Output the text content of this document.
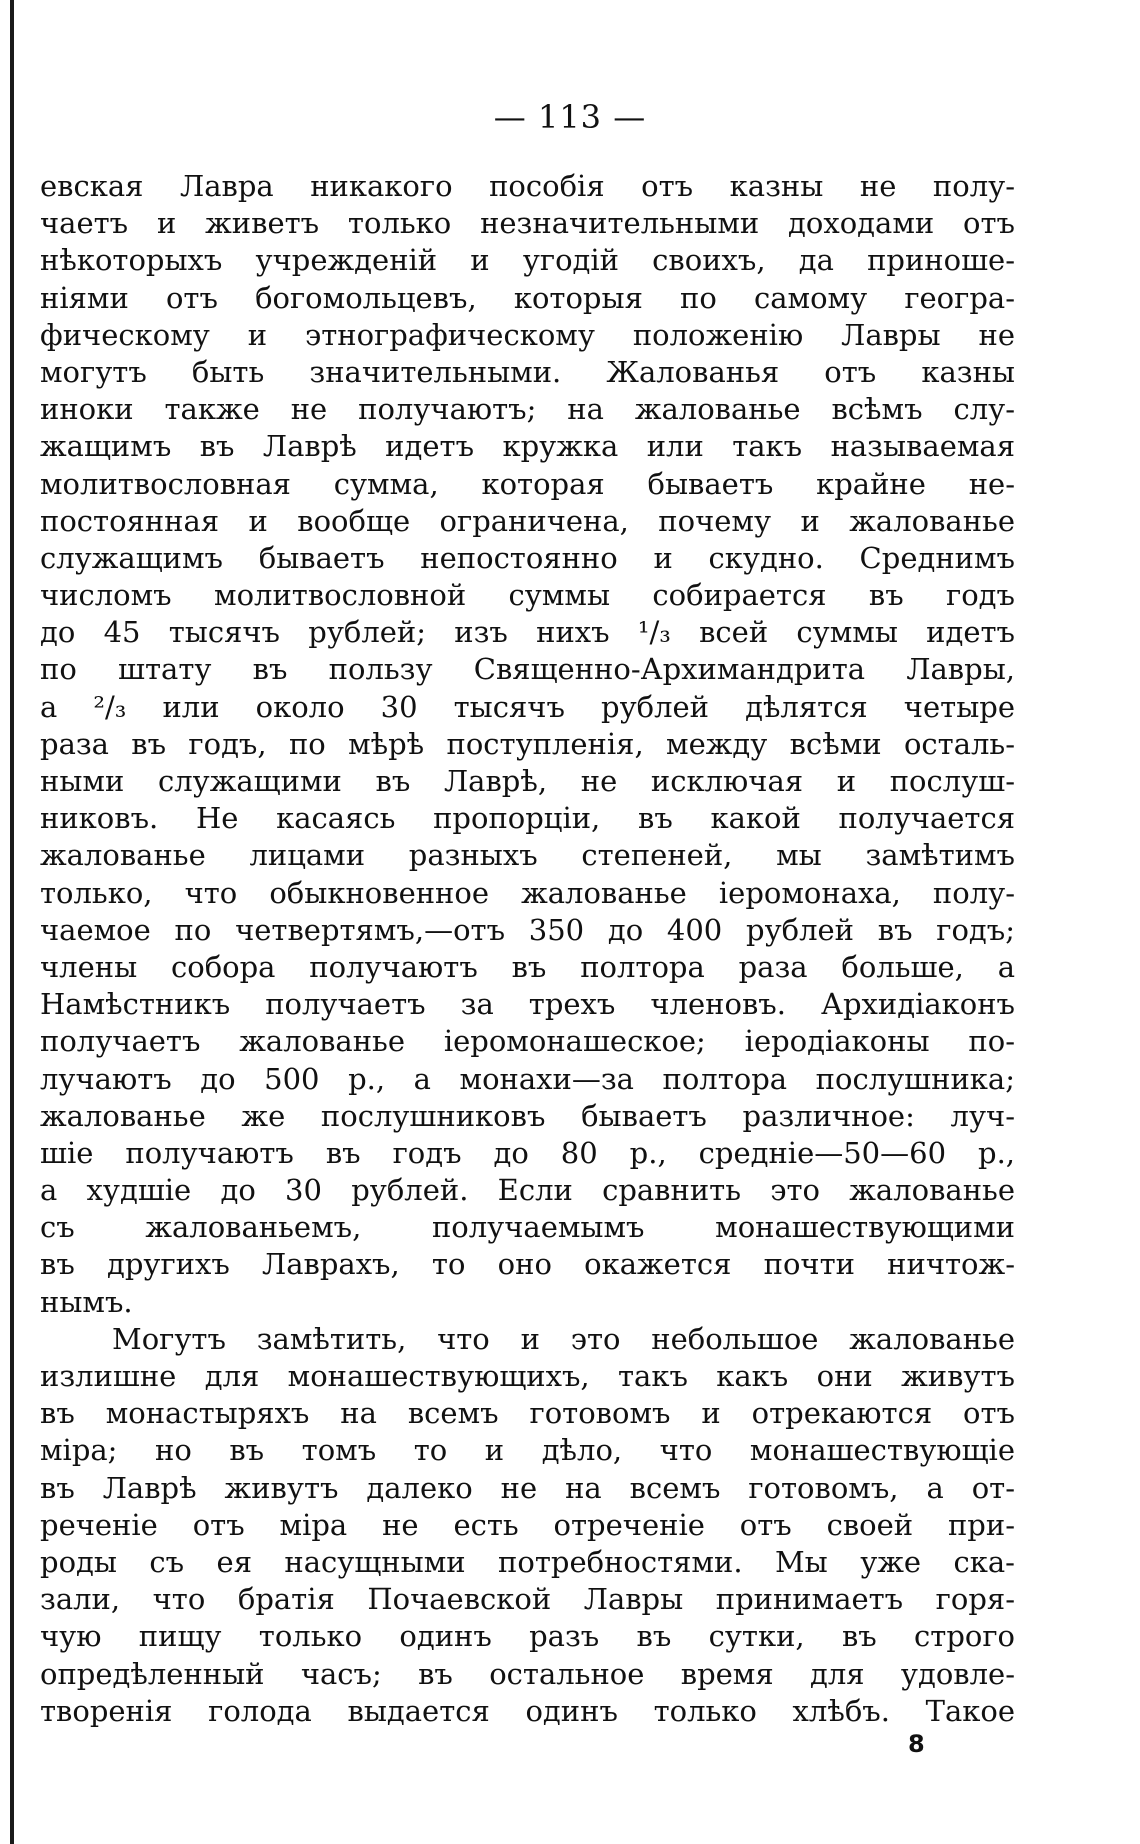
— 113 —
евская Лавра никакого пособія отъ казны не полу-
чаетъ и живетъ только незначительными доходами отъ
нѣкоторыхъ учрежденій и угодій своихъ, да приноше-
ніями отъ богомольцевъ, которыя по самому геогра-
фическому и этнографическому положенію Лавры не
могутъ быть значительными. Жалованья отъ казны
иноки также не получаютъ; на жалованье всѣмъ слу-
жащимъ въ Лаврѣ идетъ кружка или такъ называемая
молитвословная сумма, которая бываетъ крайне не-
постоянная и вообще ограничена, почему и жалованье
служащимъ бываетъ непостоянно и скудно. Среднимъ
числомъ молитвословной суммы собирается въ годъ
до 45 тысячъ рублей; изъ нихъ ¹/₃ всей суммы идетъ
по штату въ пользу Священно-Архимандрита Лавры,
а ²/₃ или около 30 тысячъ рублей дѣлятся четыре
раза въ годъ, по мѣрѣ поступленія, между всѣми осталь-
ными служащими въ Лаврѣ, не исключая и послуш-
никовъ. Не касаясь пропорціи, въ какой получается
жалованье лицами разныхъ степеней, мы замѣтимъ
только, что обыкновенное жалованье іеромонаха, полу-
чаемое по четвертямъ,—отъ 350 до 400 рублей въ годъ;
члены собора получаютъ въ полтора раза больше, а
Намѣстникъ получаетъ за трехъ членовъ. Архидіаконъ
получаетъ жалованье іеромонашеское; іеродіаконы по-
лучаютъ до 500 р., а монахи—за полтора послушника;
жалованье же послушниковъ бываетъ различное: луч-
шіе получаютъ въ годъ до 80 р., средніе—50—60 р.,
а худшіе до 30 рублей. Если сравнить это жалованье
съ жалованьемъ, получаемымъ монашествующими
въ другихъ Лаврахъ, то оно окажется почти ничтож-
нымъ.
Могутъ замѣтить, что и это небольшое жалованье
излишне для монашествующихъ, такъ какъ они живутъ
въ монастыряхъ на всемъ готовомъ и отрекаются отъ
міра; но въ томъ то и дѣло, что монашествующіе
въ Лаврѣ живутъ далеко не на всемъ готовомъ, а от-
реченіе отъ міра не есть отреченіе отъ своей при-
роды съ ея насущными потребностями. Мы уже ска-
зали, что братія Почаевской Лавры принимаетъ горя-
чую пищу только одинъ разъ въ сутки, въ строго
опредѣленный часъ; въ остальное время для удовле-
творенія голода выдается одинъ только хлѣбъ. Такое
8
